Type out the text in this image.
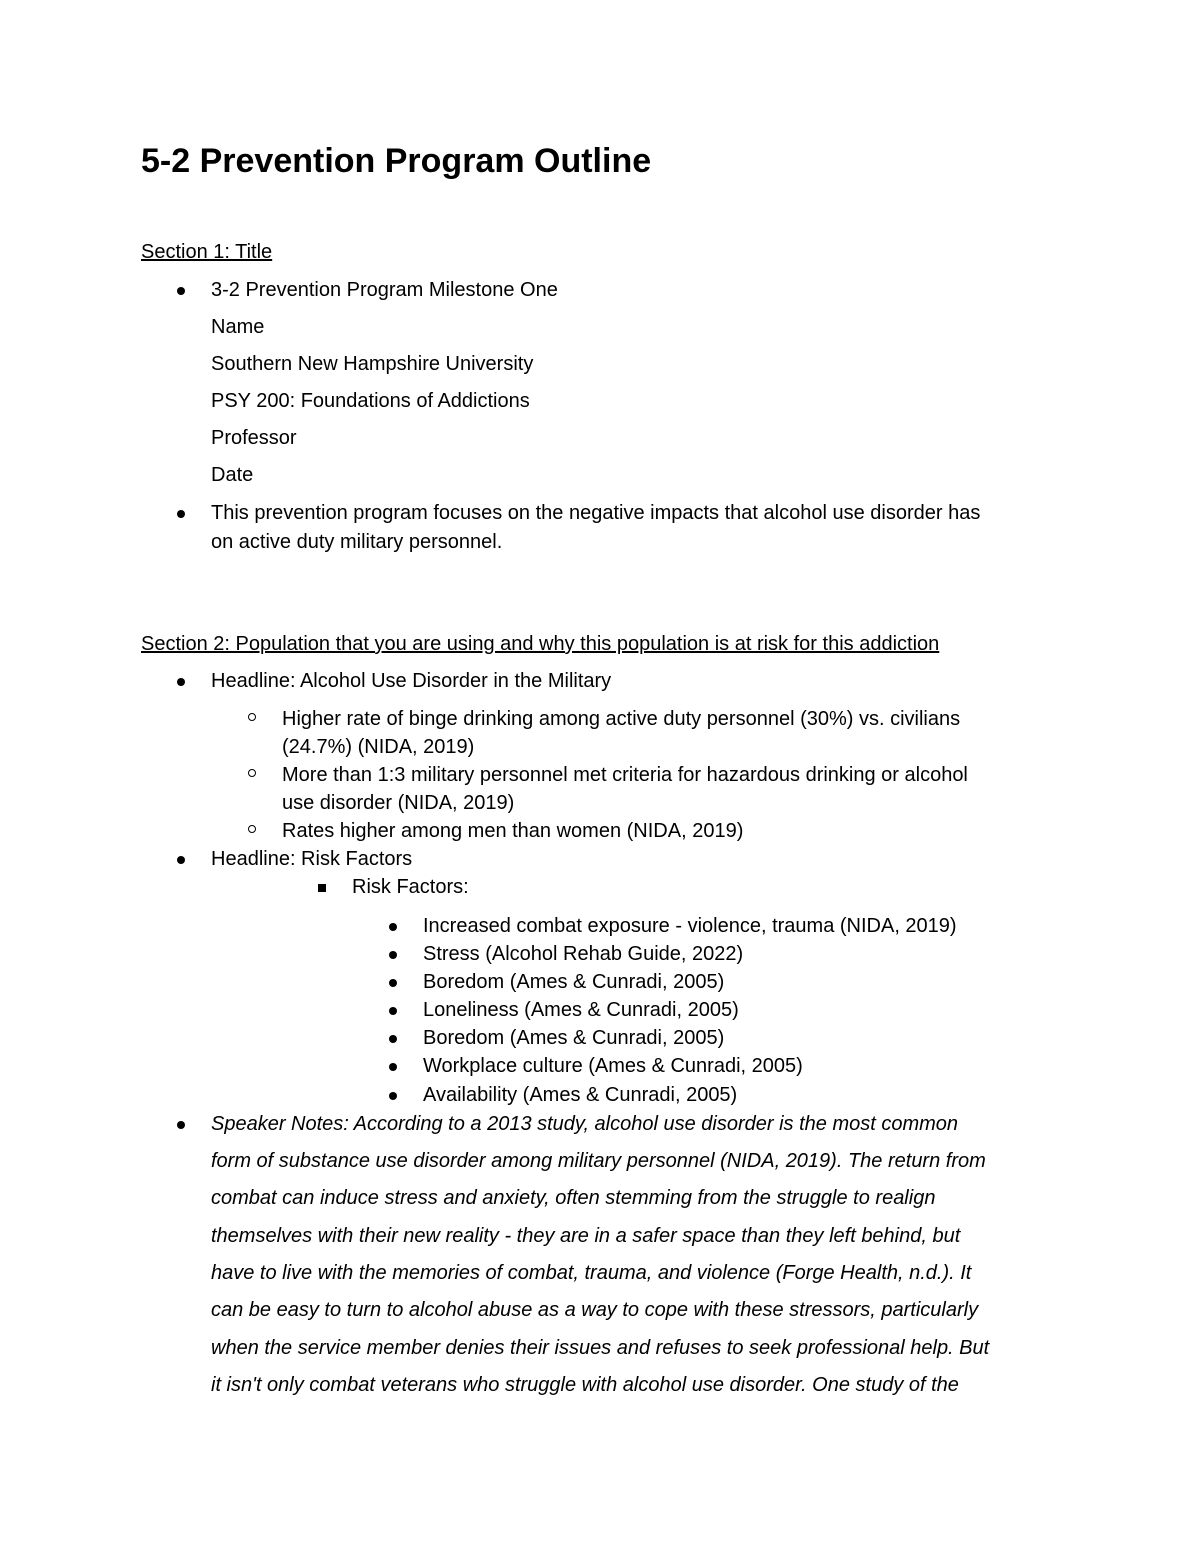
5-2 Prevention Program Outline

Section 1: Title

3-2 Prevention Program Milestone One

Name

Southern New Hampshire University

PSY 200: Foundations of Addictions

Professor

Date

This prevention program focuses on the negative impacts that alcohol use disorder has

on active duty military personnel.

Section 2: Population that you are using and why this population is at risk for this addiction

Headline: Alcohol Use Disorder in the Military

Higher rate of binge drinking among active duty personnel (30%) vs. civilians

(24.7%) (NIDA, 2019)

More than 1:3 military personnel met criteria for hazardous drinking or alcohol

use disorder (NIDA, 2019)

Rates higher among men than women (NIDA, 2019)

Headline: Risk Factors

Risk Factors:

Increased combat exposure - violence, trauma (NIDA, 2019)

Stress (Alcohol Rehab Guide, 2022)

Boredom (Ames & Cunradi, 2005)

Loneliness (Ames & Cunradi, 2005)

Boredom (Ames & Cunradi, 2005)

Workplace culture (Ames & Cunradi, 2005)

Availability (Ames & Cunradi, 2005)

Speaker Notes: According to a 2013 study, alcohol use disorder is the most common

form of substance use disorder among military personnel (NIDA, 2019). The return from

combat can induce stress and anxiety, often stemming from the struggle to realign

themselves with their new reality - they are in a safer space than they left behind, but

have to live with the memories of combat, trauma, and violence (Forge Health, n.d.). It

can be easy to turn to alcohol abuse as a way to cope with these stressors, particularly

when the service member denies their issues and refuses to seek professional help. But

it isn't only combat veterans who struggle with alcohol use disorder. One study of the
